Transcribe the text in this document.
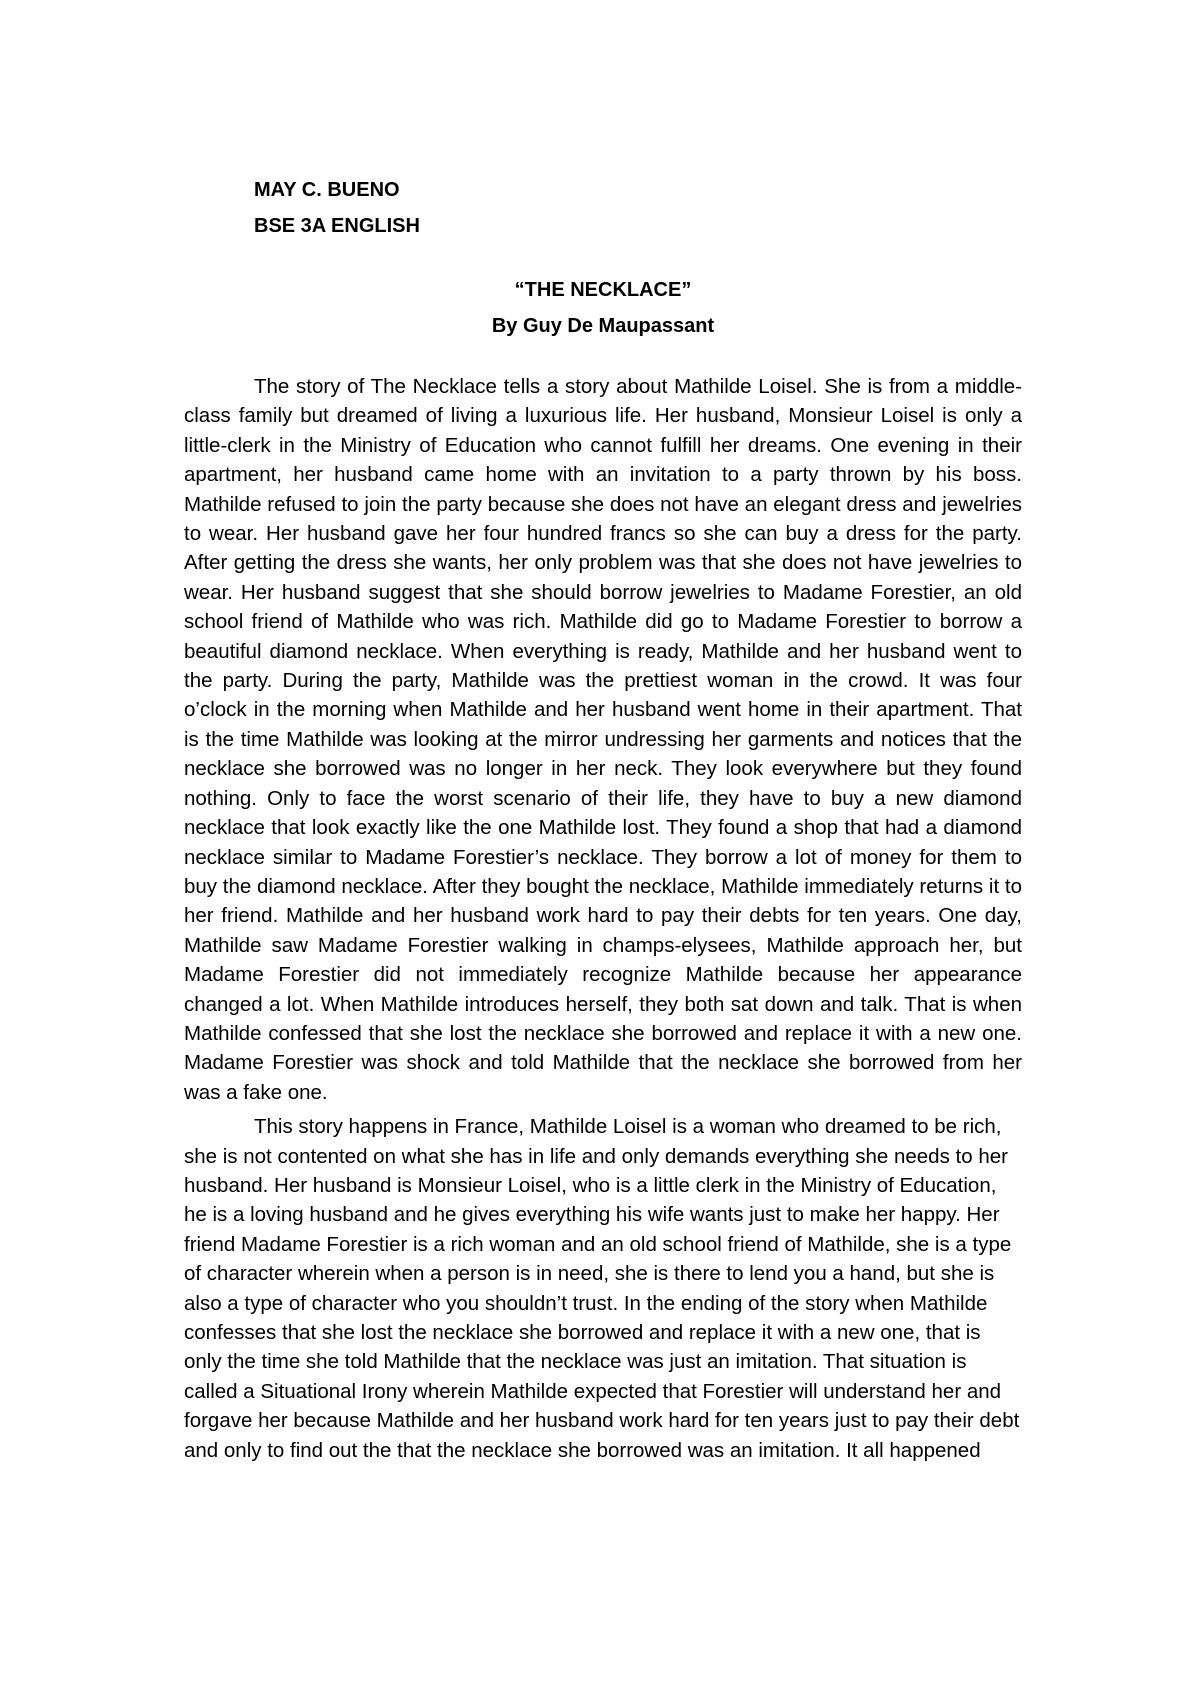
MAY C. BUENO
BSE 3A ENGLISH
“THE NECKLACE”
By Guy De Maupassant

The story of The Necklace tells a story about Mathilde Loisel. She is from a middle-class family but dreamed of living a luxurious life. Her husband, Monsieur Loisel is only a little-clerk in the Ministry of Education who cannot fulfill her dreams. One evening in their apartment, her husband came home with an invitation to a party thrown by his boss. Mathilde refused to join the party because she does not have an elegant dress and jewelries to wear. Her husband gave her four hundred francs so she can buy a dress for the party. After getting the dress she wants, her only problem was that she does not have jewelries to wear. Her husband suggest that she should borrow jewelries to Madame Forestier, an old school friend of Mathilde who was rich. Mathilde did go to Madame Forestier to borrow a beautiful diamond necklace. When everything is ready, Mathilde and her husband went to the party. During the party, Mathilde was the prettiest woman in the crowd. It was four o’clock in the morning when Mathilde and her husband went home in their apartment. That is the time Mathilde was looking at the mirror undressing her garments and notices that the necklace she borrowed was no longer in her neck. They look everywhere but they found nothing. Only to face the worst scenario of their life, they have to buy a new diamond necklace that look exactly like the one Mathilde lost. They found a shop that had a diamond necklace similar to Madame Forestier’s necklace. They borrow a lot of money for them to buy the diamond necklace. After they bought the necklace, Mathilde immediately returns it to her friend. Mathilde and her husband work hard to pay their debts for ten years. One day, Mathilde saw Madame Forestier walking in champs-elysees, Mathilde approach her, but Madame Forestier did not immediately recognize Mathilde because her appearance changed a lot. When Mathilde introduces herself, they both sat down and talk. That is when Mathilde confessed that she lost the necklace she borrowed and replace it with a new one. Madame Forestier was shock and told Mathilde that the necklace she borrowed from her was a fake one.

This story happens in France, Mathilde Loisel is a woman who dreamed to be rich, she is not contented on what she has in life and only demands everything she needs to her husband. Her husband is Monsieur Loisel, who is a little clerk in the Ministry of Education, he is a loving husband and he gives everything his wife wants just to make her happy. Her friend Madame Forestier is a rich woman and an old school friend of Mathilde, she is a type of character wherein when a person is in need, she is there to lend you a hand, but she is also a type of character who you shouldn’t trust. In the ending of the story when Mathilde confesses that she lost the necklace she borrowed and replace it with a new one, that is only the time she told Mathilde that the necklace was just an imitation. That situation is called a Situational Irony wherein Mathilde expected that Forestier will understand her and forgave her because Mathilde and her husband work hard for ten years just to pay their debt and only to find out the that the necklace she borrowed was an imitation. It all happened
